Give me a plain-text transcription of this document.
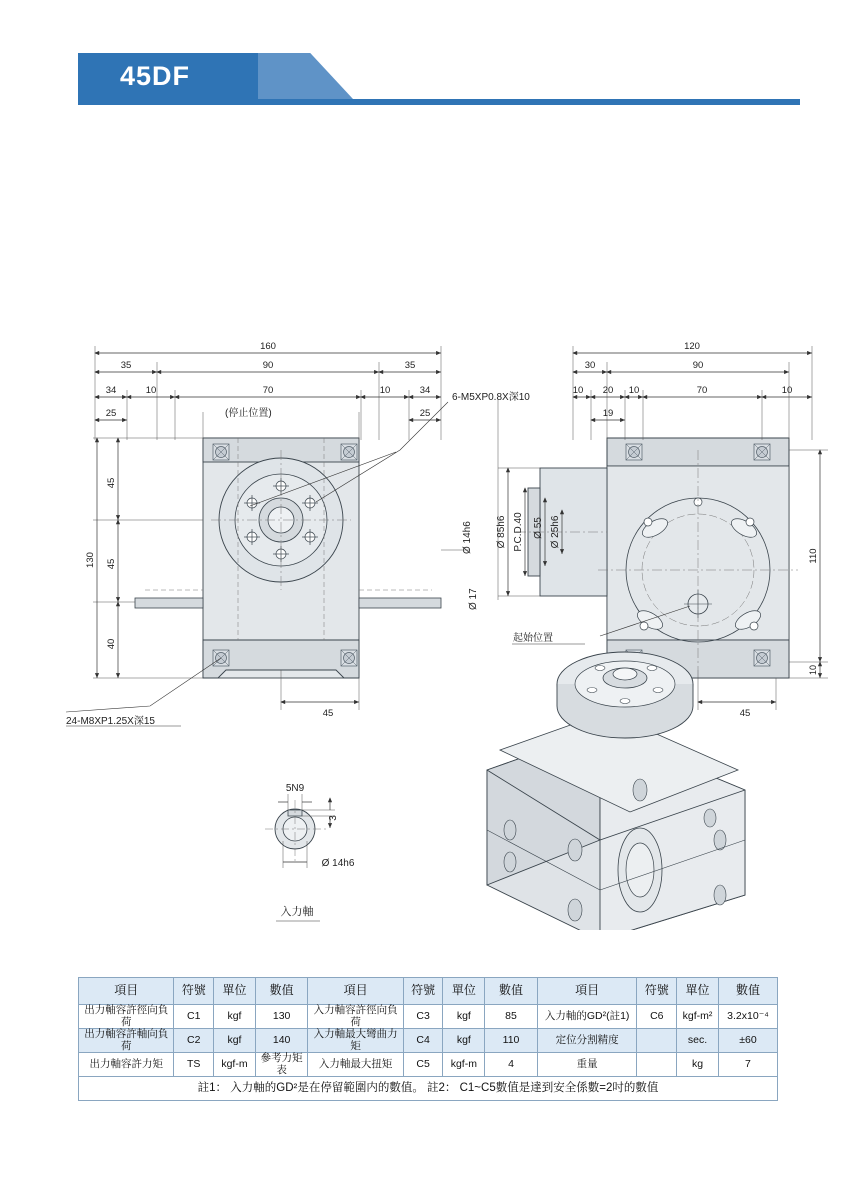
45DF
160
35	90	35
34	10	70	10	34
25	25
(停止位置)
45
45
40
130
45
6-M5XP0.8X深10
24-M8XP1.25X深15
Ø 14h6
Ø 17
120
30	90
10 20 10	70	10
19
Ø 85h6 P.C.D.40 Ø 55 Ø 25h6
110
10
45
起始位置
5N9
3
Ø 14h6
入力軸
項目	符號	單位	數值	項目	符號	單位	數值	項目	符號	單位	數值
出力軸容許徑向負荷	C1	kgf	130	入力軸容許徑向負荷	C3	kgf	85	入力軸的GD²(註1)	C6	kgf-m²	3.2x10⁻⁴
出力軸容許軸向負荷	C2	kgf	140	入力軸最大彎曲力矩	C4	kgf	110	定位分割精度		sec.	±60
出力軸容許力矩	TS	kgf-m	參考力矩表	入力軸最大扭矩	C5	kgf-m	4	重量		kg	7
註1： 入力軸的GD²是在停留範圍内的數值。 註2： C1~C5數值是達到安全係數=2吋的數值											
